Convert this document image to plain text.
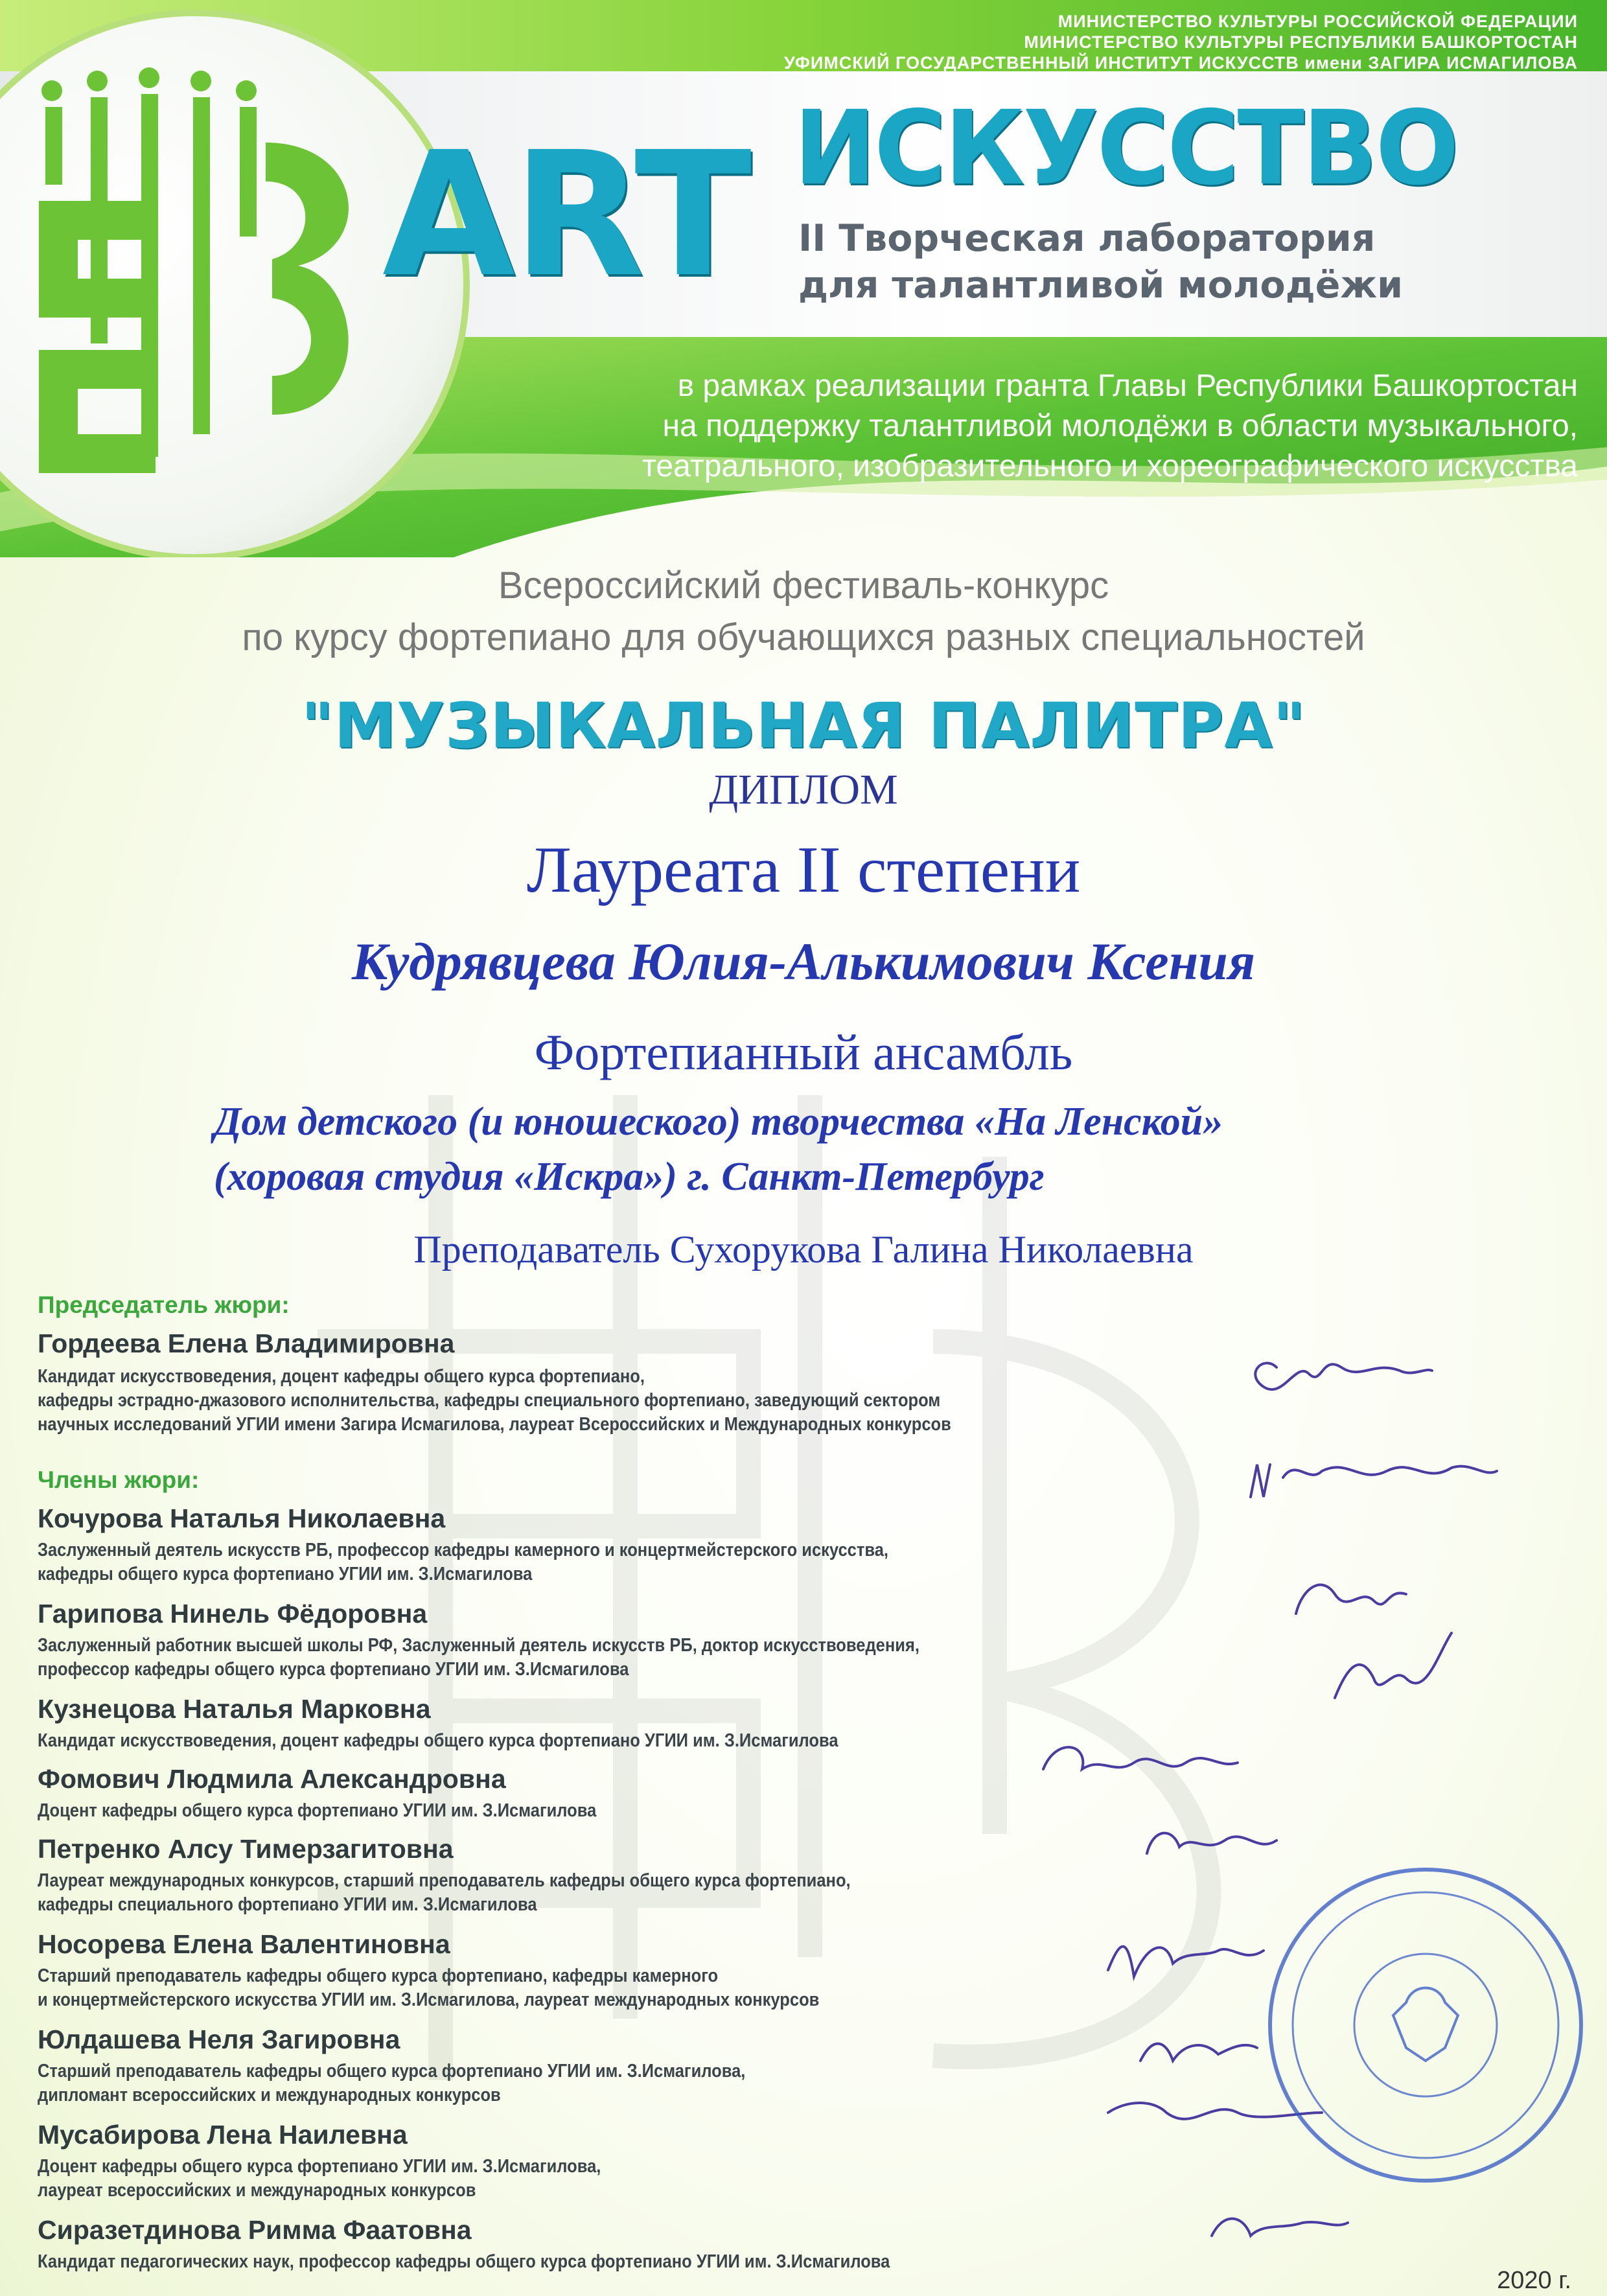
МИНИСТЕРСТВО КУЛЬТУРЫ РОССИЙСКОЙ ФЕДЕРАЦИИ
МИНИСТЕРСТВО КУЛЬТУРЫ РЕСПУБЛИКИ БАШКОРТОСТАН
УФИМСКИЙ ГОСУДАРСТВЕННЫЙ ИНСТИТУТ ИСКУССТВ имени ЗАГИРА ИСМАГИЛОВА
ART ИСКУССТВО
II Творческая лаборатория
для талантливой молодёжи
в рамках реализации гранта Главы Республики Башкортостан
на поддержку талантливой молодёжи в области музыкального,
театрального, изобразительного и хореографического искусства
Всероссийский фестиваль-конкурс
по курсу фортепиано для обучающихся разных специальностей
"МУЗЫКАЛЬНАЯ ПАЛИТРА"
ДИПЛОМ
Лауреата II степени
Кудрявцева Юлия-Алькимович Ксения
Фортепианный ансамбль
Дом детского (и юношеского) творчества «На Ленской»
(хоровая студия «Искра») г. Санкт-Петербург
Преподаватель Сухорукова Галина Николаевна
Председатель жюри:
Гордеева Елена Владимировна
Кандидат искусствоведения, доцент кафедры общего курса фортепиано,
кафедры эстрадно-джазового исполнительства, кафедры специального фортепиано, заведующий сектором
научных исследований УГИИ имени Загира Исмагилова, лауреат Всероссийских и Международных конкурсов
Члены жюри:
Кочурова Наталья Николаевна
Заслуженный деятель искусств РБ, профессор кафедры камерного и концертмейстерского искусства,
кафедры общего курса фортепиано УГИИ им. З.Исмагилова
Гарипова Нинель Фёдоровна
Заслуженный работник высшей школы РФ, Заслуженный деятель искусств РБ, доктор искусствоведения,
профессор кафедры общего курса фортепиано УГИИ им. З.Исмагилова
Кузнецова Наталья Марковна
Кандидат искусствоведения, доцент кафедры общего курса фортепиано УГИИ им. З.Исмагилова
Фомович Людмила Александровна
Доцент кафедры общего курса фортепиано УГИИ им. З.Исмагилова
Петренко Алсу Тимерзагитовна
Лауреат международных конкурсов, старший преподаватель кафедры общего курса фортепиано,
кафедры специального фортепиано УГИИ им. З.Исмагилова
Носорева Елена Валентиновна
Старший преподаватель кафедры общего курса фортепиано, кафедры камерного
и концертмейстерского искусства УГИИ им. З.Исмагилова, лауреат международных конкурсов
Юлдашева Неля Загировна
Старший преподаватель кафедры общего курса фортепиано УГИИ им. З.Исмагилова,
дипломант всероссийских и международных конкурсов
Мусабирова Лена Наилевна
Доцент кафедры общего курса фортепиано УГИИ им. З.Исмагилова,
лауреат всероссийских и международных конкурсов
Сиразетдинова Римма Фаатовна
Кандидат педагогических наук, профессор кафедры общего курса фортепиано УГИИ им. З.Исмагилова
2020 г.
